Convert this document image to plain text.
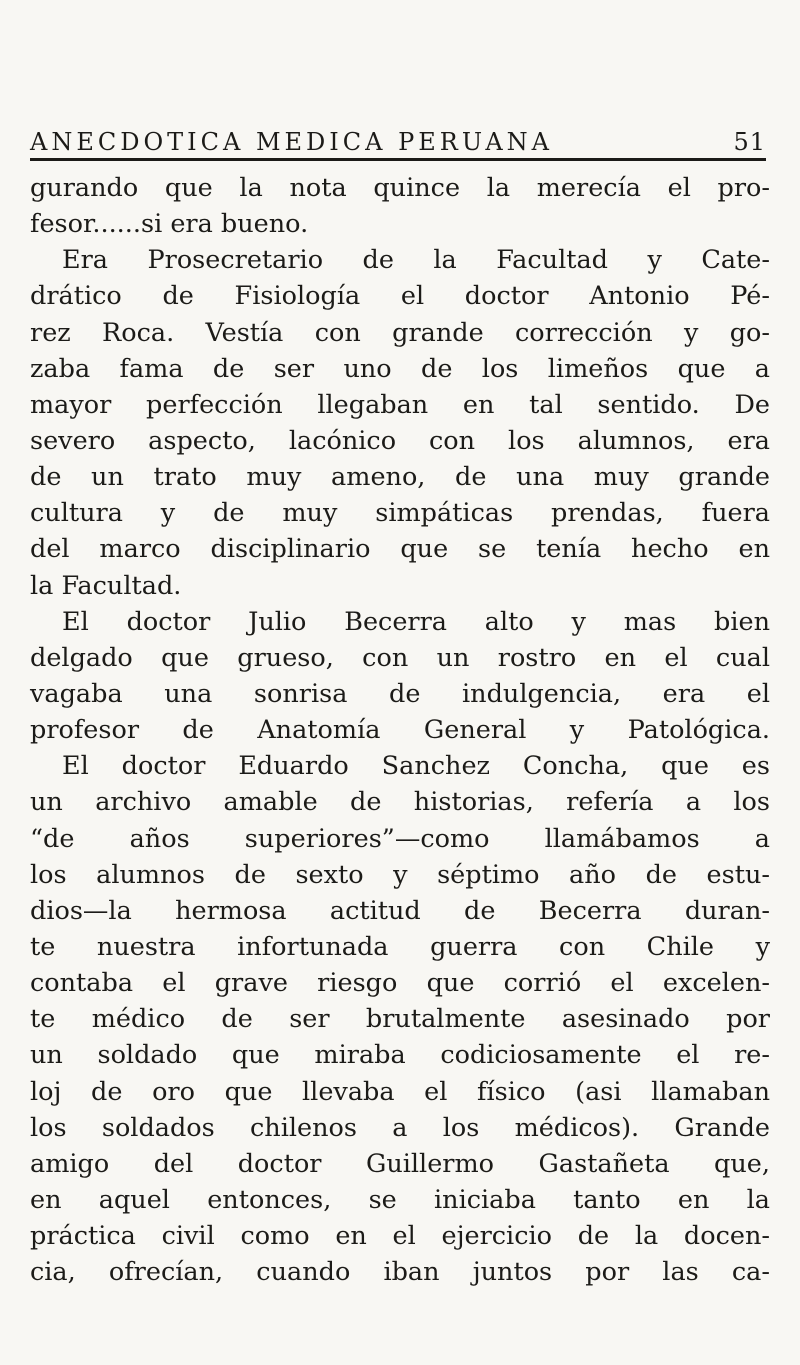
ANECDOTICA MEDICA PERUANA	51
gurando que la nota quince la merecía el pro-
fesor......si era bueno.
Era Prosecretario de la Facultad y Cate-
drático de Fisiología el doctor Antonio Pé-
rez Roca. Vestía con grande corrección y go-
zaba fama de ser uno de los limeños que a
mayor perfección llegaban en tal sentido. De
severo aspecto, lacónico con los alumnos, era
de un trato muy ameno, de una muy grande
cultura y de muy simpáticas prendas, fuera
del marco disciplinario que se tenía hecho en
la Facultad.
El doctor Julio Becerra alto y mas bien
delgado que grueso, con un rostro en el cual
vagaba una sonrisa de indulgencia, era el
profesor de Anatomía General y Patológica.
El doctor Eduardo Sanchez Concha, que es
un archivo amable de historias, refería a los
“de años superiores”—como llamábamos a
los alumnos de sexto y séptimo año de estu-
dios—la hermosa actitud de Becerra duran-
te nuestra infortunada guerra con Chile y
contaba el grave riesgo que corrió el excelen-
te médico de ser brutalmente asesinado por
un soldado que miraba codiciosamente el re-
loj de oro que llevaba el físico (asi llamaban
los soldados chilenos a los médicos). Grande
amigo del doctor Guillermo Gastañeta que,
en aquel entonces, se iniciaba tanto en la
práctica civil como en el ejercicio de la docen-
cia, ofrecían, cuando iban juntos por las ca-
